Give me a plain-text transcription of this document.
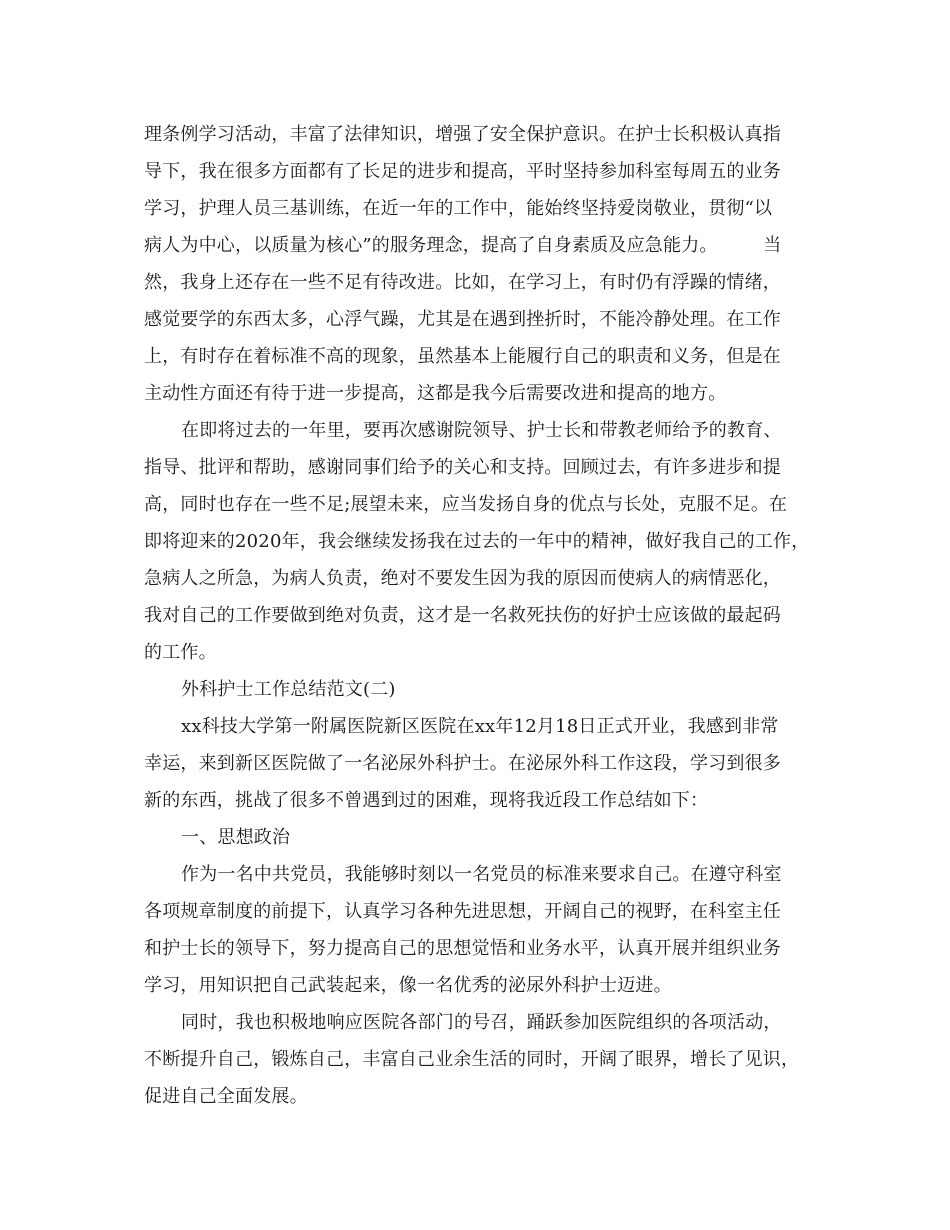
理条例学习活动，丰富了法律知识，增强了安全保护意识。在护士长积极认真指
导下，我在很多方面都有了长足的进步和提高，平时坚持参加科室每周五的业务
学习，护理人员三基训练，在近一年的工作中，能始终坚持爱岗敬业，贯彻“以
病人为中心，以质量为核心”的服务理念，提高了自身素质及应急能力。　　　当
然，我身上还存在一些不足有待改进。比如，在学习上，有时仍有浮躁的情绪，
感觉要学的东西太多，心浮气躁，尤其是在遇到挫折时，不能冷静处理。在工作
上，有时存在着标准不高的现象，虽然基本上能履行自己的职责和义务，但是在
主动性方面还有待于进一步提高，这都是我今后需要改进和提高的地方。
在即将过去的一年里，要再次感谢院领导、护士长和带教老师给予的教育、
指导、批评和帮助，感谢同事们给予的关心和支持。回顾过去，有许多进步和提
高，同时也存在一些不足;展望未来，应当发扬自身的优点与长处，克服不足。在
即将迎来的2020年，我会继续发扬我在过去的一年中的精神，做好我自己的工作，
急病人之所急，为病人负责，绝对不要发生因为我的原因而使病人的病情恶化，
我对自己的工作要做到绝对负责，这才是一名救死扶伤的好护士应该做的最起码
的工作。
外科护士工作总结范文(二)
xx科技大学第一附属医院新区医院在xx年12月18日正式开业，我感到非常
幸运，来到新区医院做了一名泌尿外科护士。在泌尿外科工作这段，学习到很多
新的东西，挑战了很多不曾遇到过的困难，现将我近段工作总结如下：
一、思想政治
作为一名中共党员，我能够时刻以一名党员的标准来要求自己。在遵守科室
各项规章制度的前提下，认真学习各种先进思想，开阔自己的视野，在科室主任
和护士长的领导下，努力提高自己的思想觉悟和业务水平，认真开展并组织业务
学习，用知识把自己武装起来，像一名优秀的泌尿外科护士迈进。
同时，我也积极地响应医院各部门的号召，踊跃参加医院组织的各项活动，
不断提升自己，锻炼自己，丰富自己业余生活的同时，开阔了眼界，增长了见识，
促进自己全面发展。
